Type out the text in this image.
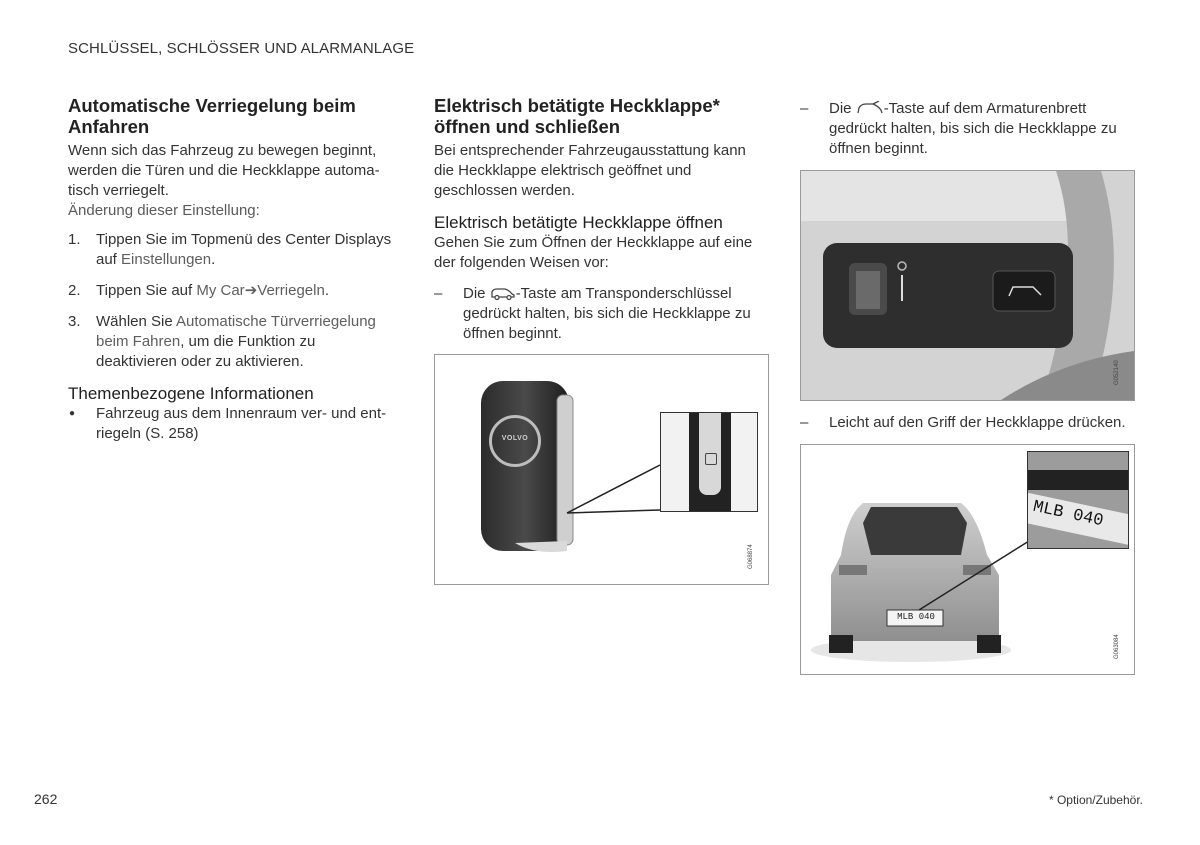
SCHLÜSSEL, SCHLÖSSER UND ALARMANLAGE
Automatische Verriegelung beim Anfahren

Wenn sich das Fahrzeug zu bewegen beginnt, werden die Türen und die Heckklappe automa- tisch verriegelt.

Änderung dieser Einstellung:

1. Tippen Sie im Topmenü des Center Displays auf Einstellungen.
2. Tippen Sie auf My Car➔Verriegeln.
3. Wählen Sie Automatische Türverriegelung beim Fahren, um die Funktion zu deaktivieren oder zu aktivieren.
Themenbezogene Informationen
● Fahrzeug aus dem Innenraum ver- und ent- riegeln (S. 258)
Elektrisch betätigte Heckklappe* öffnen und schließen

Bei entsprechender Fahrzeugausstattung kann die Heckklappe elektrisch geöffnet und geschlossen werden.

Elektrisch betätigte Heckklappe öffnen

Gehen Sie zum Öffnen der Heckklappe auf eine der folgenden Weisen vor:

– Die -Taste am Transponderschlüssel gedrückt halten, bis sich die Heckklappe zu öffnen beginnt.
VOLVO
G068874
– Die -Taste auf dem Armaturenbrett gedrückt halten, bis sich die Heckklappe zu öffnen beginnt.
G052140
– Leicht auf den Griff der Heckklappe drücken.
MLB 040
MLB 040
G063084
262	* Option/Zubehör.
